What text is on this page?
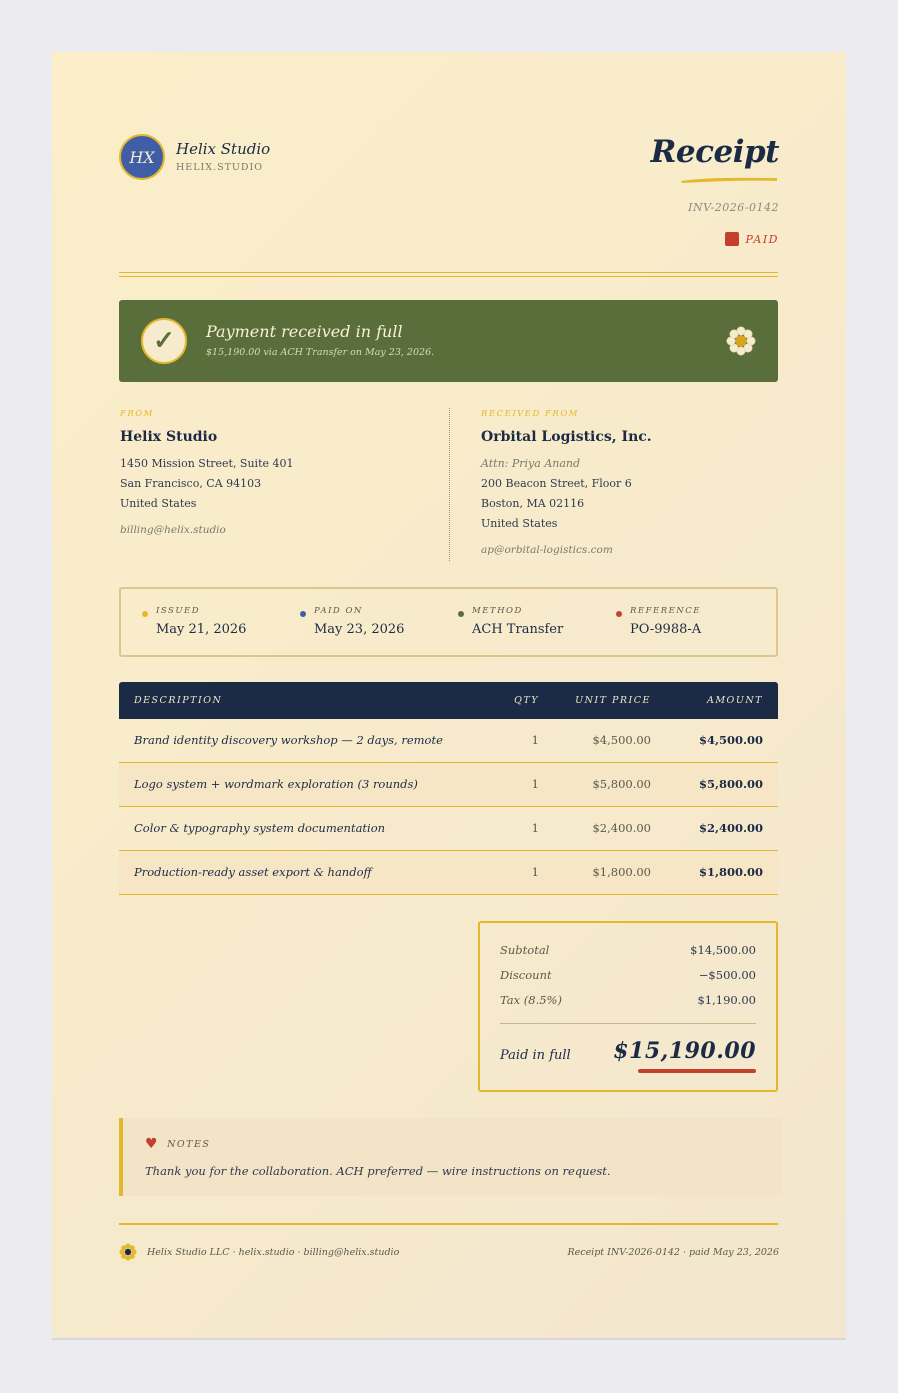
HX Helix Studio
HELIX.STUDIO	Receipt
INV-2026-0142
PAID
✓ Payment received in full
$15,190.00 via ACH Transfer on May 23, 2026.
FROM
Helix Studio
1450 Mission Street, Suite 401
San Francisco, CA 94103
United States
billing@helix.studio
RECEIVED FROM
Orbital Logistics, Inc.
Attn: Priya Anand
200 Beacon Street, Floor 6
Boston, MA 02116
United States
ap@orbital-logistics.com
ISSUED
May 21, 2026
PAID ON
May 23, 2026
METHOD
ACH Transfer
REFERENCE
PO-9988-A
DESCRIPTION	QTY	UNIT PRICE	AMOUNT
Brand identity discovery workshop — 2 days, remote	1	$4,500.00	$4,500.00
Logo system + wordmark exploration (3 rounds)	1	$5,800.00	$5,800.00
Color & typography system documentation	1	$2,400.00	$2,400.00
Production-ready asset export & handoff	1	$1,800.00	$1,800.00
Subtotal	$14,500.00
Discount	−$500.00
Tax (8.5%)	$1,190.00
Paid in full $15,190.00
♥ NOTES
Thank you for the collaboration. ACH preferred — wire instructions on request.
Helix Studio LLC · helix.studio · billing@helix.studio	Receipt INV-2026-0142 · paid May 23, 2026
